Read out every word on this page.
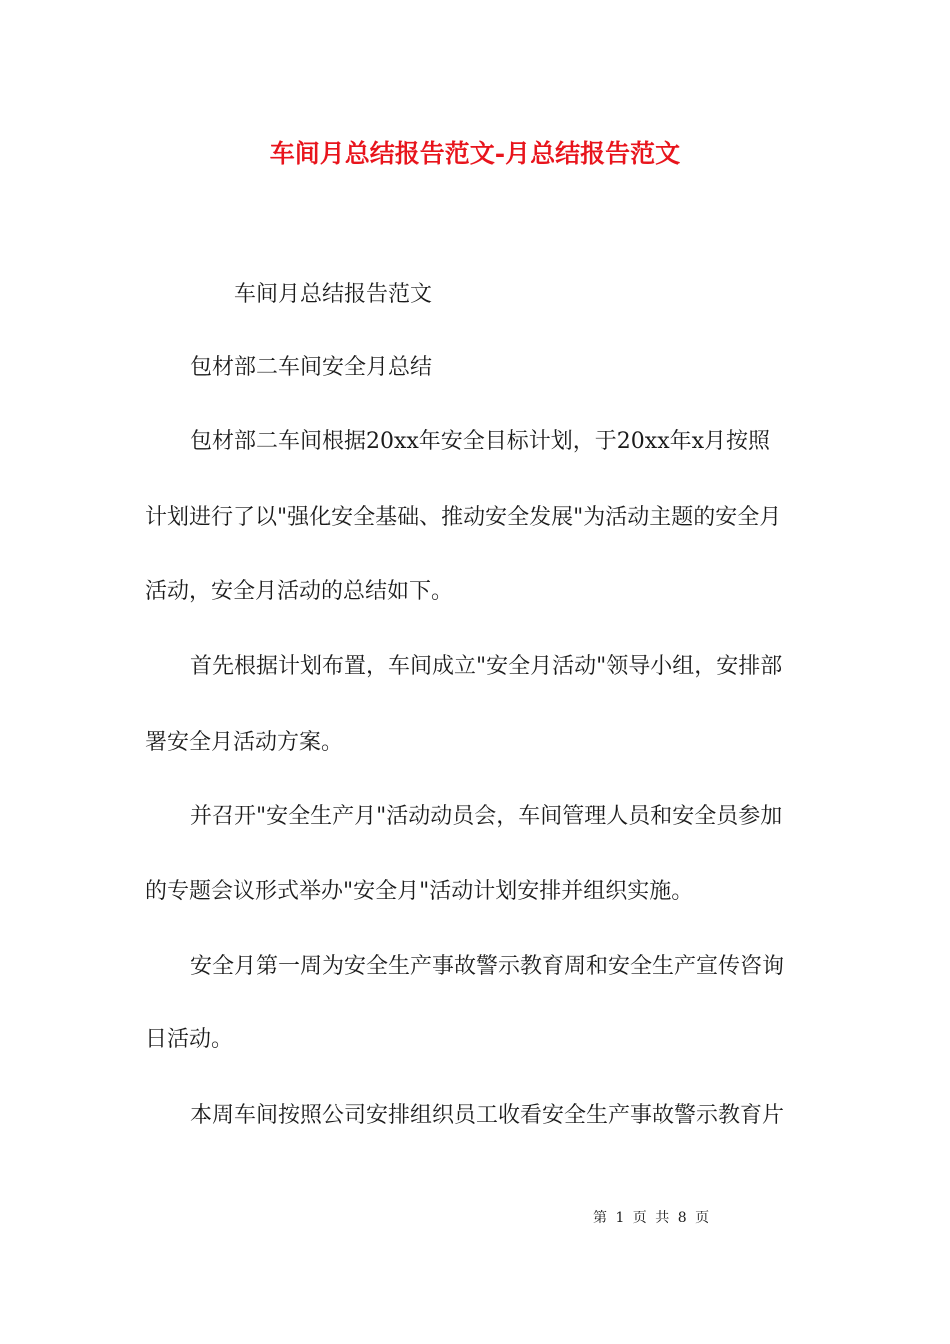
车间月总结报告范文-月总结报告范文
车间月总结报告范文
包材部二车间安全月总结
包材部二车间根据20xx年安全目标计划，于20xx年x月按照
计划进行了以"强化安全基础、推动安全发展"为活动主题的安全月
活动，安全月活动的总结如下。
首先根据计划布置，车间成立"安全月活动"领导小组，安排部
署安全月活动方案。
并召开"安全生产月"活动动员会，车间管理人员和安全员参加
的专题会议形式举办"安全月"活动计划安排并组织实施。
安全月第一周为安全生产事故警示教育周和安全生产宣传咨询
日活动。
本周车间按照公司安排组织员工收看安全生产事故警示教育片
第 1 页 共 8 页
